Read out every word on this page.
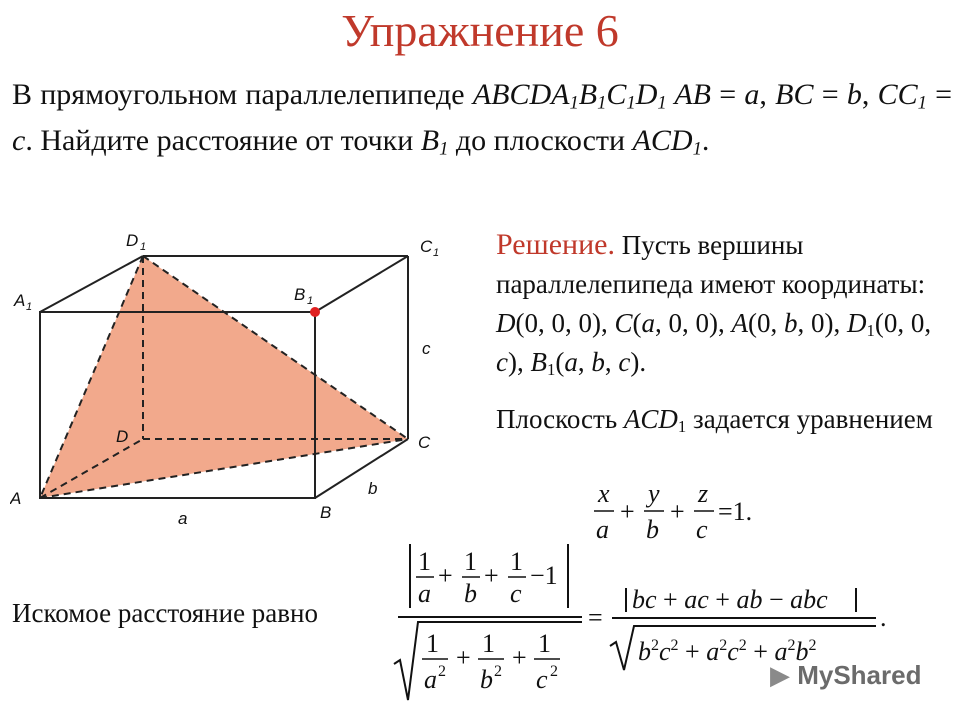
Упражнение 6
В прямоугольном параллелепипеде $ABCDA_1B_1C_1D_1$ AB = a, BC = b, $CC_1 = c$. Найдите расстояние от точки $B_1$ до плоскости $ACD_1$.
A
B
C
D
A 1
B 1
C 1
D 1
a
b
c
Решение. Пусть вершины параллелепипеда имеют координаты: D(0, 0, 0), C(a, 0, 0), A(0, b, 0), $D_1(0$, 0, c), $B_1(a$, b, c).
Плоскость $ACD_1$ задается уравнением
x
a
+
y
b
+
z
c
=1.
Искомое расстояние равно
1
a
+ 1
b
+ 1
c
−1
1
a 2 + 1
b 2 + 1
c 2
=
bc + ac + ab − abc
$b^2c^2 + a^2c^2 + a^2b^2$
.
▶ MyShared
